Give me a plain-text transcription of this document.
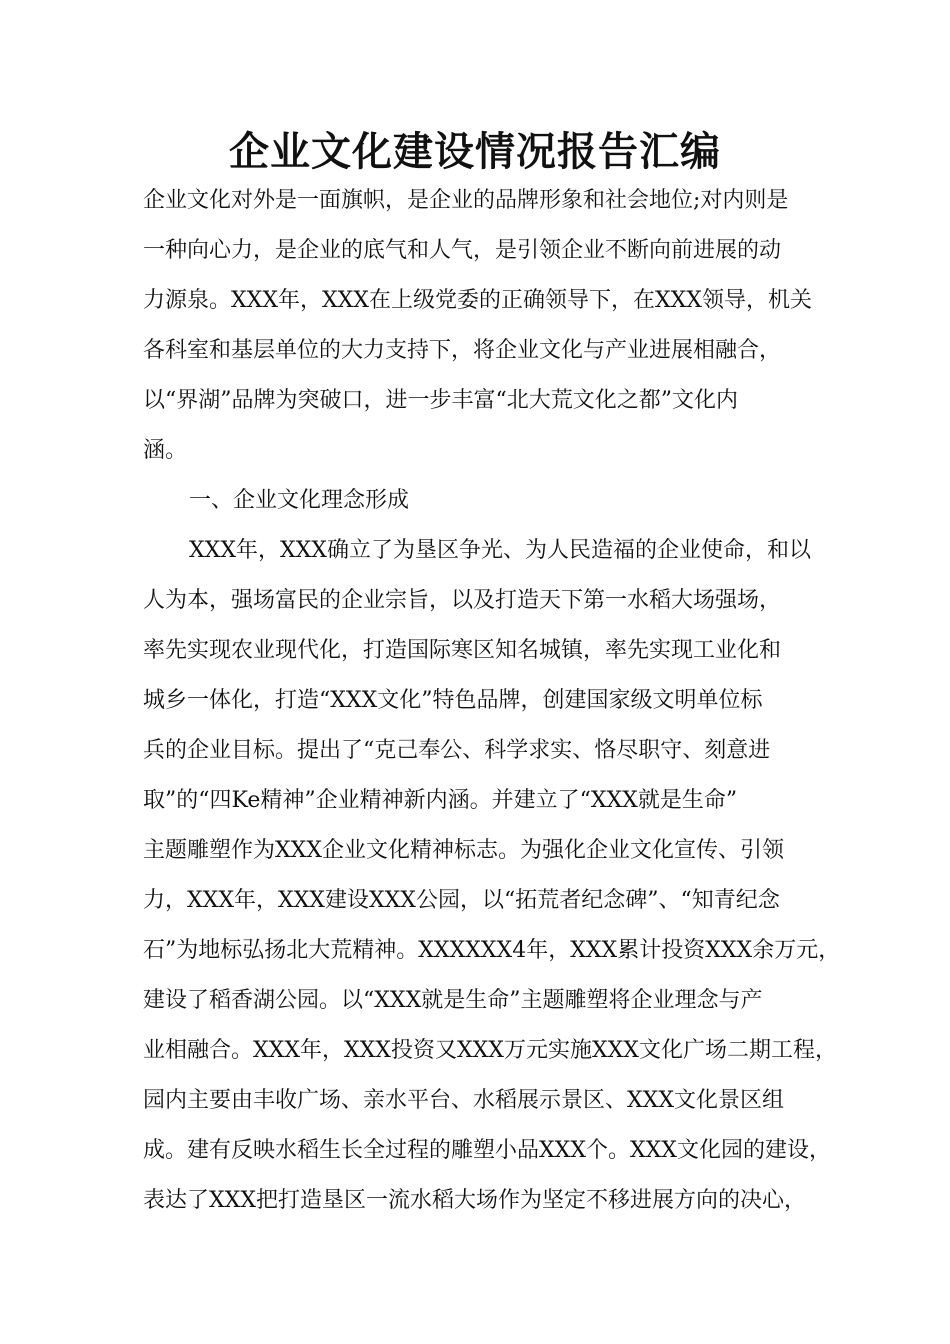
企业文化建设情况报告汇编
企业文化对外是一面旗帜，是企业的品牌形象和社会地位;对内则是
一种向心力，是企业的底气和人气，是引领企业不断向前进展的动
力源泉。XXX年，XXX在上级党委的正确领导下，在XXX领导，机关
各科室和基层单位的大力支持下，将企业文化与产业进展相融合，
以“界湖”品牌为突破口，进一步丰富“北大荒文化之都”文化内
涵。
一、企业文化理念形成
XXX年，XXX确立了为垦区争光、为人民造福的企业使命，和以
人为本，强场富民的企业宗旨，以及打造天下第一水稻大场强场，
率先实现农业现代化，打造国际寒区知名城镇，率先实现工业化和
城乡一体化，打造“XXX文化”特色品牌，创建国家级文明单位标
兵的企业目标。提出了“克己奉公、科学求实、恪尽职守、刻意进
取”的“四Ke精神”企业精神新内涵。并建立了“XXX就是生命”
主题雕塑作为XXX企业文化精神标志。为强化企业文化宣传、引领
力，XXX年，XXX建设XXX公园，以“拓荒者纪念碑”、“知青纪念
石”为地标弘扬北大荒精神。XXXXXX4年，XXX累计投资XXX余万元，
建设了稻香湖公园。以“XXX就是生命”主题雕塑将企业理念与产
业相融合。XXX年，XXX投资又XXX万元实施XXX文化广场二期工程，
园内主要由丰收广场、亲水平台、水稻展示景区、XXX文化景区组
成。建有反映水稻生长全过程的雕塑小品XXX个。XXX文化园的建设，
表达了XXX把打造垦区一流水稻大场作为坚定不移进展方向的决心，
